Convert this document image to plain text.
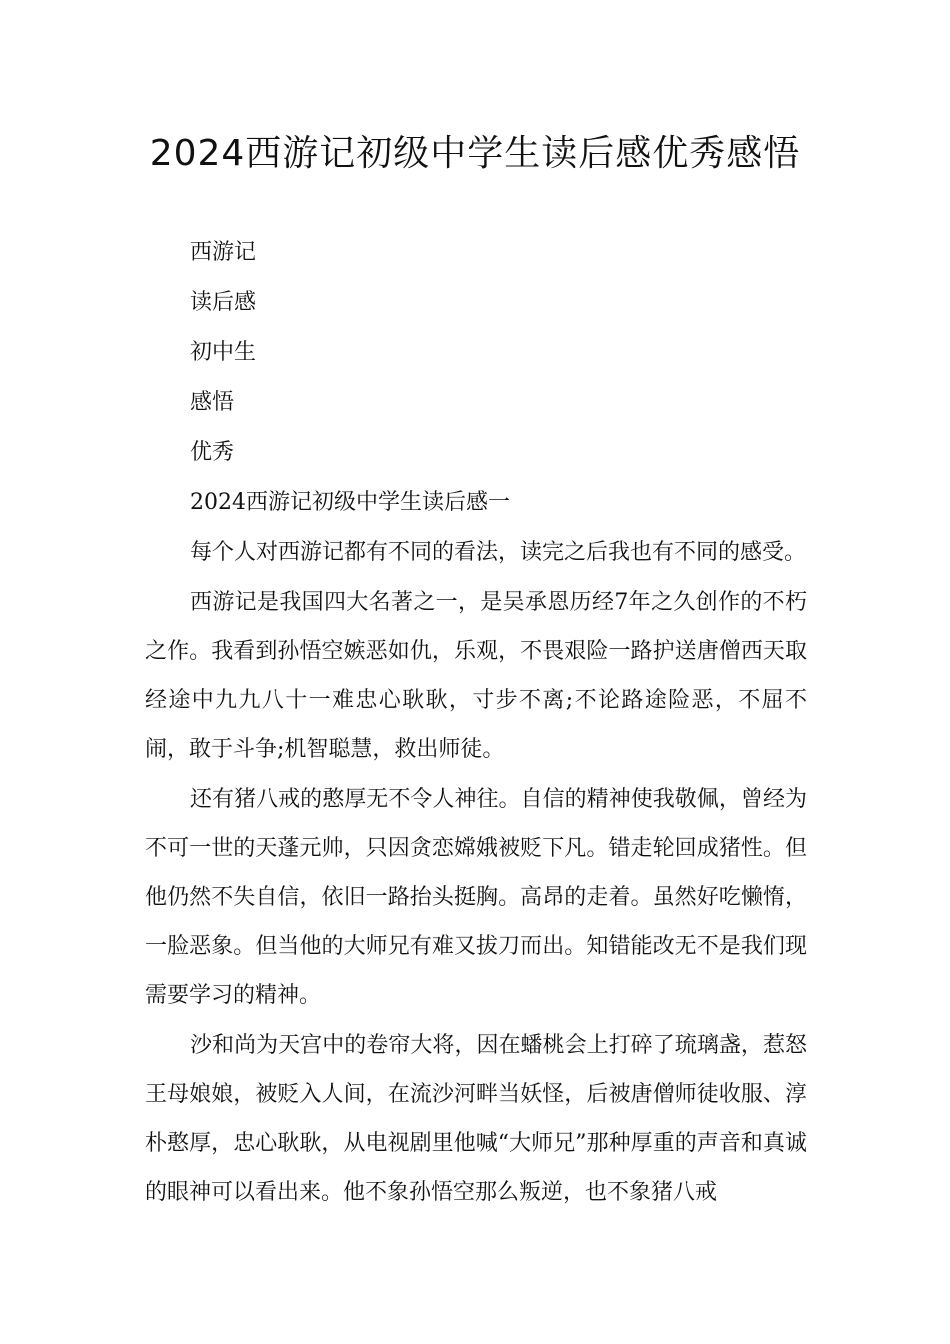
2024西游记初级中学生读后感优秀感悟
西游记
读后感
初中生
感悟
优秀
2024西游记初级中学生读后感一

每个人对西游记都有不同的看法，读完之后我也有不同的感受。

西游记是我国四大名著之一，是吴承恩历经7年之久创作的不朽之作。我看到孙悟空嫉恶如仇，乐观，不畏艰险一路护送唐僧西天取经途中九九八十一难忠心耿耿，寸步不离;不论路途险恶，不屈不闹，敢于斗争;机智聪慧，救出师徒。

还有猪八戒的憨厚无不令人神往。自信的精神使我敬佩，曾经为不可一世的天蓬元帅，只因贪恋嫦娥被贬下凡。错走轮回成猪性。但他仍然不失自信，依旧一路抬头挺胸。高昂的走着。虽然好吃懒惰，一脸恶象。但当他的大师兄有难又拔刀而出。知错能改无不是我们现需要学习的精神。

沙和尚为天宫中的卷帘大将，因在蟠桃会上打碎了琉璃盏，惹怒王母娘娘，被贬入人间，在流沙河畔当妖怪，后被唐僧师徒收服、淳朴憨厚，忠心耿耿，从电视剧里他喊“大师兄”那种厚重的声音和真诚的眼神可以看出来。他不象孙悟空那么叛逆，也不象猪八戒
